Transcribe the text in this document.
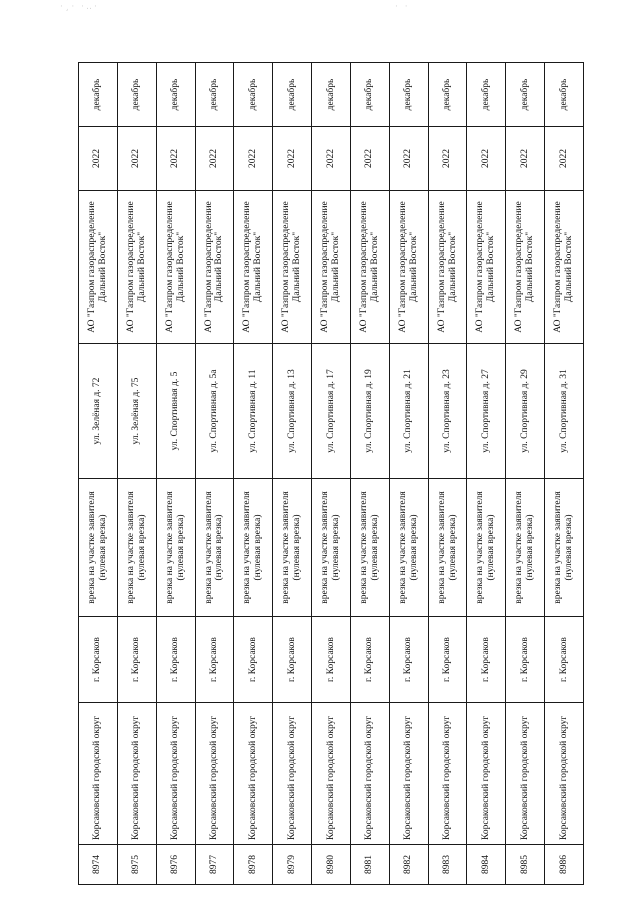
·¸· ·‥·	· ·
8974	Корсаковский городской округ	г. Корсаков	врезка на участке заявителя (нулевая врезка)	ул. Зелёная д. 72	АО "Газпром газораспределение Дальний Восток"	2022	декабрь
8975	Корсаковский городской округ	г. Корсаков	врезка на участке заявителя (нулевая врезка)	ул. Зелёная д. 75	АО "Газпром газораспределение Дальний Восток"	2022	декабрь
8976	Корсаковский городской округ	г. Корсаков	врезка на участке заявителя (нулевая врезка)	ул. Спортивная д. 5	АО "Газпром газораспределение Дальний Восток"	2022	декабрь
8977	Корсаковский городской округ	г. Корсаков	врезка на участке заявителя (нулевая врезка)	ул. Спортивная д. 5а	АО "Газпром газораспределение Дальний Восток"	2022	декабрь
8978	Корсаковский городской округ	г. Корсаков	врезка на участке заявителя (нулевая врезка)	ул. Спортивная д. 11	АО "Газпром газораспределение Дальний Восток"	2022	декабрь
8979	Корсаковский городской округ	г. Корсаков	врезка на участке заявителя (нулевая врезка)	ул. Спортивная д. 13	АО "Газпром газораспределение Дальний Восток"	2022	декабрь
8980	Корсаковский городской округ	г. Корсаков	врезка на участке заявителя (нулевая врезка)	ул. Спортивная д. 17	АО "Газпром газораспределение Дальний Восток"	2022	декабрь
8981	Корсаковский городской округ	г. Корсаков	врезка на участке заявителя (нулевая врезка)	ул. Спортивная д. 19	АО "Газпром газораспределение Дальний Восток"	2022	декабрь
8982	Корсаковский городской округ	г. Корсаков	врезка на участке заявителя (нулевая врезка)	ул. Спортивная д. 21	АО "Газпром газораспределение Дальний Восток"	2022	декабрь
8983	Корсаковский городской округ	г. Корсаков	врезка на участке заявителя (нулевая врезка)	ул. Спортивная д. 23	АО "Газпром газораспределение Дальний Восток"	2022	декабрь
8984	Корсаковский городской округ	г. Корсаков	врезка на участке заявителя (нулевая врезка)	ул. Спортивная д. 27	АО "Газпром газораспределение Дальний Восток"	2022	декабрь
8985	Корсаковский городской округ	г. Корсаков	врезка на участке заявителя (нулевая врезка)	ул. Спортивная д. 29	АО "Газпром газораспределение Дальний Восток"	2022	декабрь
8986	Корсаковский городской округ	г. Корсаков	врезка на участке заявителя (нулевая врезка)	ул. Спортивная д. 31	АО "Газпром газораспределение Дальний Восток"	2022	декабрь
